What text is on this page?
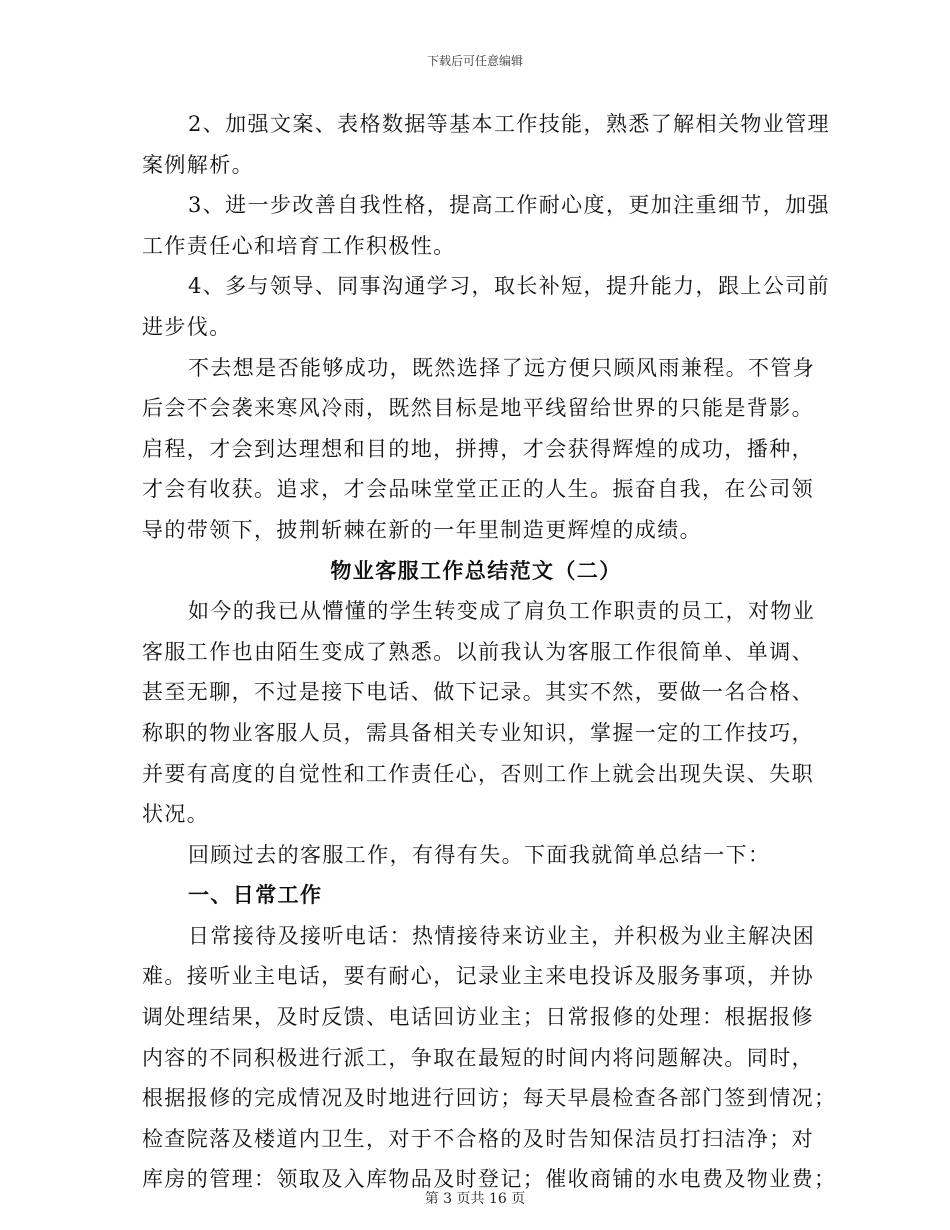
下载后可任意编辑

2、加强文案、表格数据等基本工作技能，熟悉了解相关物业管理
案例解析。

3、进一步改善自我性格，提高工作耐心度，更加注重细节，加强
工作责任心和培育工作积极性。

4、多与领导、同事沟通学习，取长补短，提升能力，跟上公司前
进步伐。

不去想是否能够成功，既然选择了远方便只顾风雨兼程。不管身
后会不会袭来寒风冷雨，既然目标是地平线留给世界的只能是背影。
启程，才会到达理想和目的地，拼搏，才会获得辉煌的成功，播种，
才会有收获。追求，才会品味堂堂正正的人生。振奋自我，在公司领
导的带领下，披荆斩棘在新的一年里制造更辉煌的成绩。

物业客服工作总结范文（二）

如今的我已从懵懂的学生转变成了肩负工作职责的员工，对物业
客服工作也由陌生变成了熟悉。以前我认为客服工作很简单、单调、
甚至无聊，不过是接下电话、做下记录。其实不然，要做一名合格、
称职的物业客服人员，需具备相关专业知识，掌握一定的工作技巧，
并要有高度的自觉性和工作责任心，否则工作上就会出现失误、失职
状况。

回顾过去的客服工作，有得有失。下面我就简单总结一下：

一、日常工作

日常接待及接听电话：热情接待来访业主，并积极为业主解决困
难。接听业主电话，要有耐心，记录业主来电投诉及服务事项，并协
调处理结果，及时反馈、电话回访业主；日常报修的处理：根据报修
内容的不同积极进行派工，争取在最短的时间内将问题解决。同时，
根据报修的完成情况及时地进行回访；每天早晨检查各部门签到情况；
检查院落及楼道内卫生，对于不合格的及时告知保洁员打扫洁净；对
库房的管理：领取及入库物品及时登记；催收商铺的水电费及物业费；

第 3 页共 16 页
